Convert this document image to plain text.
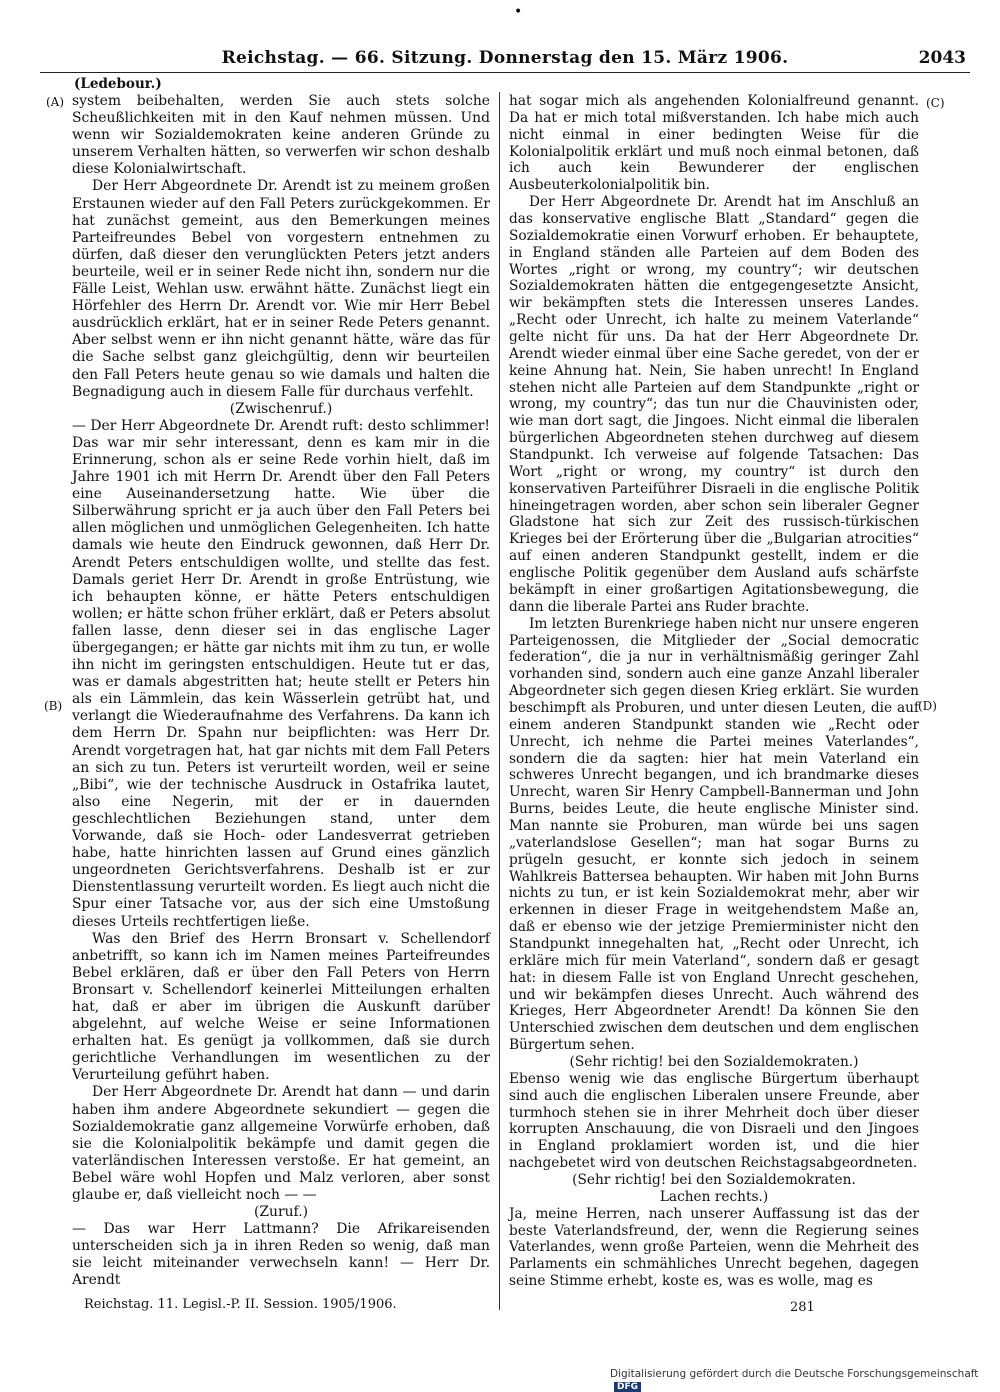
•
Reichstag. — 66. Sitzung. Donnerstag den 15. März 1906.	2043
(Ledebour.)
(A)
(B)
(C)
(D)

system beibehalten, werden Sie auch stets solche Scheußlichkeiten mit in den Kauf nehmen müssen. Und wenn wir Sozialdemokraten keine anderen Gründe zu unserem Verhalten hätten, so verwerfen wir schon deshalb diese Kolonialwirtschaft.

Der Herr Abgeordnete Dr. Arendt ist zu meinem großen Erstaunen wieder auf den Fall Peters zurückgekommen. Er hat zunächst gemeint, aus den Bemerkungen meines Parteifreundes Bebel von vorgestern entnehmen zu dürfen, daß dieser den verunglückten Peters jetzt anders beurteile, weil er in seiner Rede nicht ihn, sondern nur die Fälle Leist, Wehlan usw. erwähnt hätte. Zunächst liegt ein Hörfehler des Herrn Dr. Arendt vor. Wie mir Herr Bebel ausdrücklich erklärt, hat er in seiner Rede Peters genannt. Aber selbst wenn er ihn nicht genannt hätte, wäre das für die Sache selbst ganz gleichgültig, denn wir beurteilen den Fall Peters heute genau so wie damals und halten die Begnadigung auch in diesem Falle für durchaus verfehlt.

(Zwischenruf.)

— Der Herr Abgeordnete Dr. Arendt ruft: desto schlimmer! Das war mir sehr interessant, denn es kam mir in die Erinnerung, schon als er seine Rede vorhin hielt, daß im Jahre 1901 ich mit Herrn Dr. Arendt über den Fall Peters eine Auseinandersetzung hatte. Wie über die Silberwährung spricht er ja auch über den Fall Peters bei allen möglichen und unmöglichen Gelegenheiten. Ich hatte damals wie heute den Eindruck gewonnen, daß Herr Dr. Arendt Peters entschuldigen wollte, und stellte das fest. Damals geriet Herr Dr. Arendt in große Entrüstung, wie ich behaupten könne, er hätte Peters entschuldigen wollen; er hätte schon früher erklärt, daß er Peters absolut fallen lasse, denn dieser sei in das englische Lager übergegangen; er hätte gar nichts mit ihm zu tun, er wolle ihn nicht im geringsten entschuldigen. Heute tut er das, was er damals abgestritten hat; heute stellt er Peters hin als ein Lämmlein, das kein Wässerlein getrübt hat, und verlangt die Wiederaufnahme des Verfahrens. Da kann ich dem Herrn Dr. Spahn nur beipflichten: was Herr Dr. Arendt vorgetragen hat, hat gar nichts mit dem Fall Peters an sich zu tun. Peters ist verurteilt worden, weil er seine „Bibi“, wie der technische Ausdruck in Ostafrika lautet, also eine Negerin, mit der er in dauernden geschlechtlichen Beziehungen stand, unter dem Vorwande, daß sie Hoch- oder Landesverrat getrieben habe, hatte hinrichten lassen auf Grund eines gänzlich ungeordneten Gerichtsverfahrens. Deshalb ist er zur Dienstentlassung verurteilt worden. Es liegt auch nicht die Spur einer Tatsache vor, aus der sich eine Umstoßung dieses Urteils rechtfertigen ließe.

Was den Brief des Herrn Bronsart v. Schellendorf anbetrifft, so kann ich im Namen meines Parteifreundes Bebel erklären, daß er über den Fall Peters von Herrn Bronsart v. Schellendorf keinerlei Mitteilungen erhalten hat, daß er aber im übrigen die Auskunft darüber abgelehnt, auf welche Weise er seine Informationen erhalten hat. Es genügt ja vollkommen, daß sie durch gerichtliche Verhandlungen im wesentlichen zu der Verurteilung geführt haben.

Der Herr Abgeordnete Dr. Arendt hat dann — und darin haben ihm andere Abgeordnete sekundiert — gegen die Sozialdemokratie ganz allgemeine Vorwürfe erhoben, daß sie die Kolonialpolitik bekämpfe und damit gegen die vaterländischen Interessen verstoße. Er hat gemeint, an Bebel wäre wohl Hopfen und Malz verloren, aber sonst glaube er, daß vielleicht noch — —

(Zuruf.)

— Das war Herr Lattmann? Die Afrikareisenden unterscheiden sich ja in ihren Reden so wenig, daß man sie leicht miteinander verwechseln kann! — Herr Dr. Arendt

hat sogar mich als angehenden Kolonialfreund genannt. Da hat er mich total mißverstanden. Ich habe mich auch nicht einmal in einer bedingten Weise für die Kolonialpolitik erklärt und muß noch einmal betonen, daß ich auch kein Bewunderer der englischen Ausbeuterkolonialpolitik bin.

Der Herr Abgeordnete Dr. Arendt hat im Anschluß an das konservative englische Blatt „Standard“ gegen die Sozialdemokratie einen Vorwurf erhoben. Er behauptete, in England ständen alle Parteien auf dem Boden des Wortes „right or wrong, my country“; wir deutschen Sozialdemokraten hätten die entgegengesetzte Ansicht, wir bekämpften stets die Interessen unseres Landes. „Recht oder Unrecht, ich halte zu meinem Vaterlande“ gelte nicht für uns. Da hat der Herr Abgeordnete Dr. Arendt wieder einmal über eine Sache geredet, von der er keine Ahnung hat. Nein, Sie haben unrecht! In England stehen nicht alle Parteien auf dem Standpunkte „right or wrong, my country“; das tun nur die Chauvinisten oder, wie man dort sagt, die Jingoes. Nicht einmal die liberalen bürgerlichen Abgeordneten stehen durchweg auf diesem Standpunkt. Ich verweise auf folgende Tatsachen: Das Wort „right or wrong, my country“ ist durch den konservativen Parteiführer Disraeli in die englische Politik hineingetragen worden, aber schon sein liberaler Gegner Gladstone hat sich zur Zeit des russisch-türkischen Krieges bei der Erörterung über die „Bulgarian atrocities“ auf einen anderen Standpunkt gestellt, indem er die englische Politik gegenüber dem Ausland aufs schärfste bekämpft in einer großartigen Agitationsbewegung, die dann die liberale Partei ans Ruder brachte.

Im letzten Burenkriege haben nicht nur unsere engeren Parteigenossen, die Mitglieder der „Social democratic federation“, die ja nur in verhältnismäßig geringer Zahl vorhanden sind, sondern auch eine ganze Anzahl liberaler Abgeordneter sich gegen diesen Krieg erklärt. Sie wurden beschimpft als Proburen, und unter diesen Leuten, die auf einem anderen Standpunkt standen wie „Recht oder Unrecht, ich nehme die Partei meines Vaterlandes“, sondern die da sagten: hier hat mein Vaterland ein schweres Unrecht begangen, und ich brandmarke dieses Unrecht, waren Sir Henry Campbell-Bannerman und John Burns, beides Leute, die heute englische Minister sind. Man nannte sie Proburen, man würde bei uns sagen „vaterlandslose Gesellen“; man hat sogar Burns zu prügeln gesucht, er konnte sich jedoch in seinem Wahlkreis Battersea behaupten. Wir haben mit John Burns nichts zu tun, er ist kein Sozialdemokrat mehr, aber wir erkennen in dieser Frage in weitgehendstem Maße an, daß er ebenso wie der jetzige Premierminister nicht den Standpunkt innegehalten hat, „Recht oder Unrecht, ich erkläre mich für mein Vaterland“, sondern daß er gesagt hat: in diesem Falle ist von England Unrecht geschehen, und wir bekämpfen dieses Unrecht. Auch während des Krieges, Herr Abgeordneter Arendt! Da können Sie den Unterschied zwischen dem deutschen und dem englischen Bürgertum sehen.

(Sehr richtig! bei den Sozialdemokraten.)

Ebenso wenig wie das englische Bürgertum überhaupt sind auch die englischen Liberalen unsere Freunde, aber turmhoch stehen sie in ihrer Mehrheit doch über dieser korrupten Anschauung, die von Disraeli und den Jingoes in England proklamiert worden ist, und die hier nachgebetet wird von deutschen Reichstagsabgeordneten.

(Sehr richtig! bei den Sozialdemokraten.

Lachen rechts.)

Ja, meine Herren, nach unserer Auffassung ist das der beste Vaterlandsfreund, der, wenn die Regierung seines Vaterlandes, wenn große Parteien, wenn die Mehrheit des Parlaments ein schmähliches Unrecht begehen, dagegen seine Stimme erhebt, koste es, was es wolle, mag es

Reichstag. 11. Legisl.-P. II. Session. 1905/1906.	281
Digitalisierung gefördert durch die Deutsche Forschungsgemeinschaft DFG
